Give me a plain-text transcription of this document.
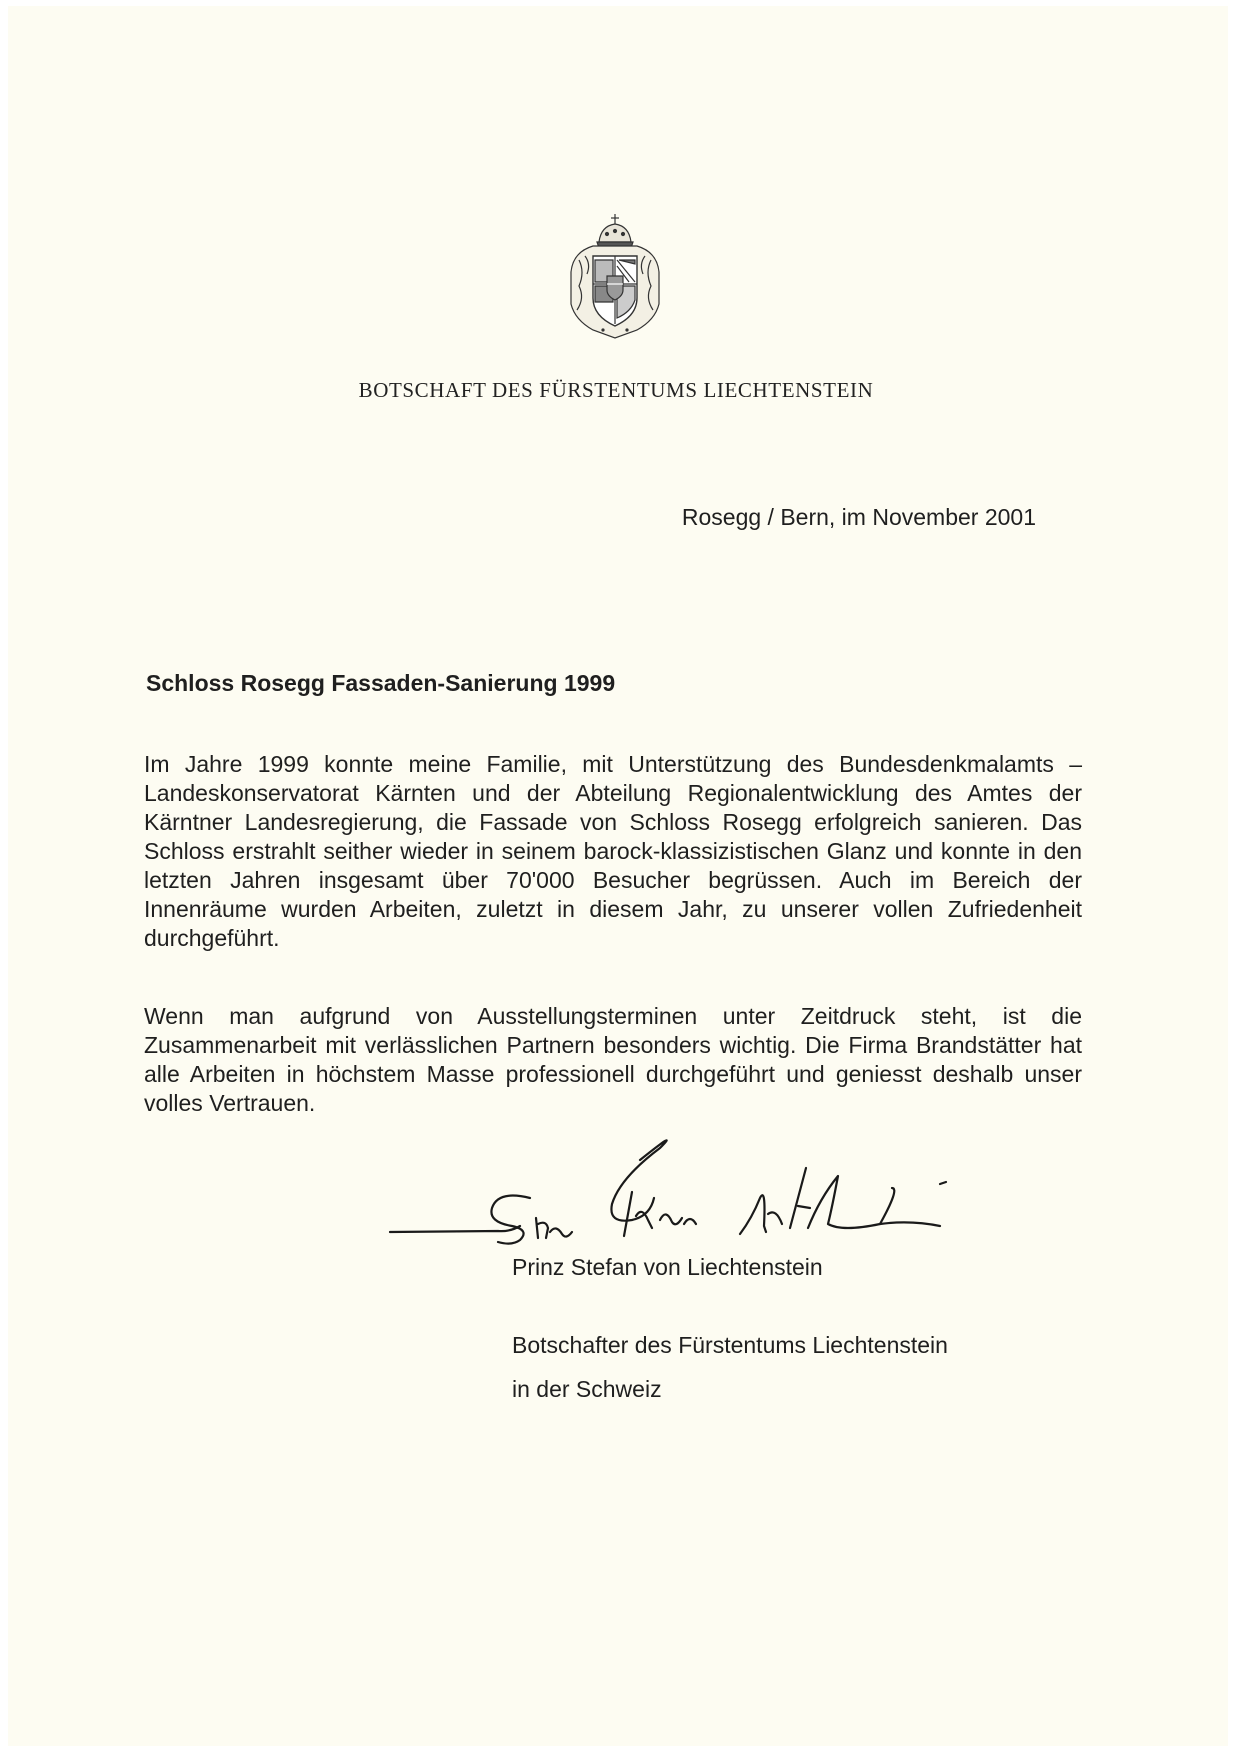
BOTSCHAFT DES FÜRSTENTUMS LIECHTENSTEIN
Rosegg / Bern, im November 2001
Schloss Rosegg Fassaden-Sanierung 1999

Im Jahre 1999 konnte meine Familie, mit Unterstützung des Bundesdenkmalamts – Landeskonservatorat Kärnten und der Abteilung Regionalentwicklung des Amtes der Kärntner Landesregierung, die Fassade von Schloss Rosegg erfolgreich sanieren. Das Schloss erstrahlt seither wieder in seinem barock-klassizistischen Glanz und konnte in den letzten Jahren insgesamt über 70'000 Besucher begrüssen. Auch im Bereich der Innenräume wurden Arbeiten, zuletzt in diesem Jahr, zu unserer vollen Zufriedenheit durchgeführt.

Wenn man aufgrund von Ausstellungsterminen unter Zeitdruck steht, ist die Zusammenarbeit mit verlässlichen Partnern besonders wichtig. Die Firma Brandstätter hat alle Arbeiten in höchstem Masse professionell durchgeführt und geniesst deshalb unser volles Vertrauen.

Prinz Stefan von Liechtenstein
Botschafter des Fürstentums Liechtenstein
in der Schweiz
